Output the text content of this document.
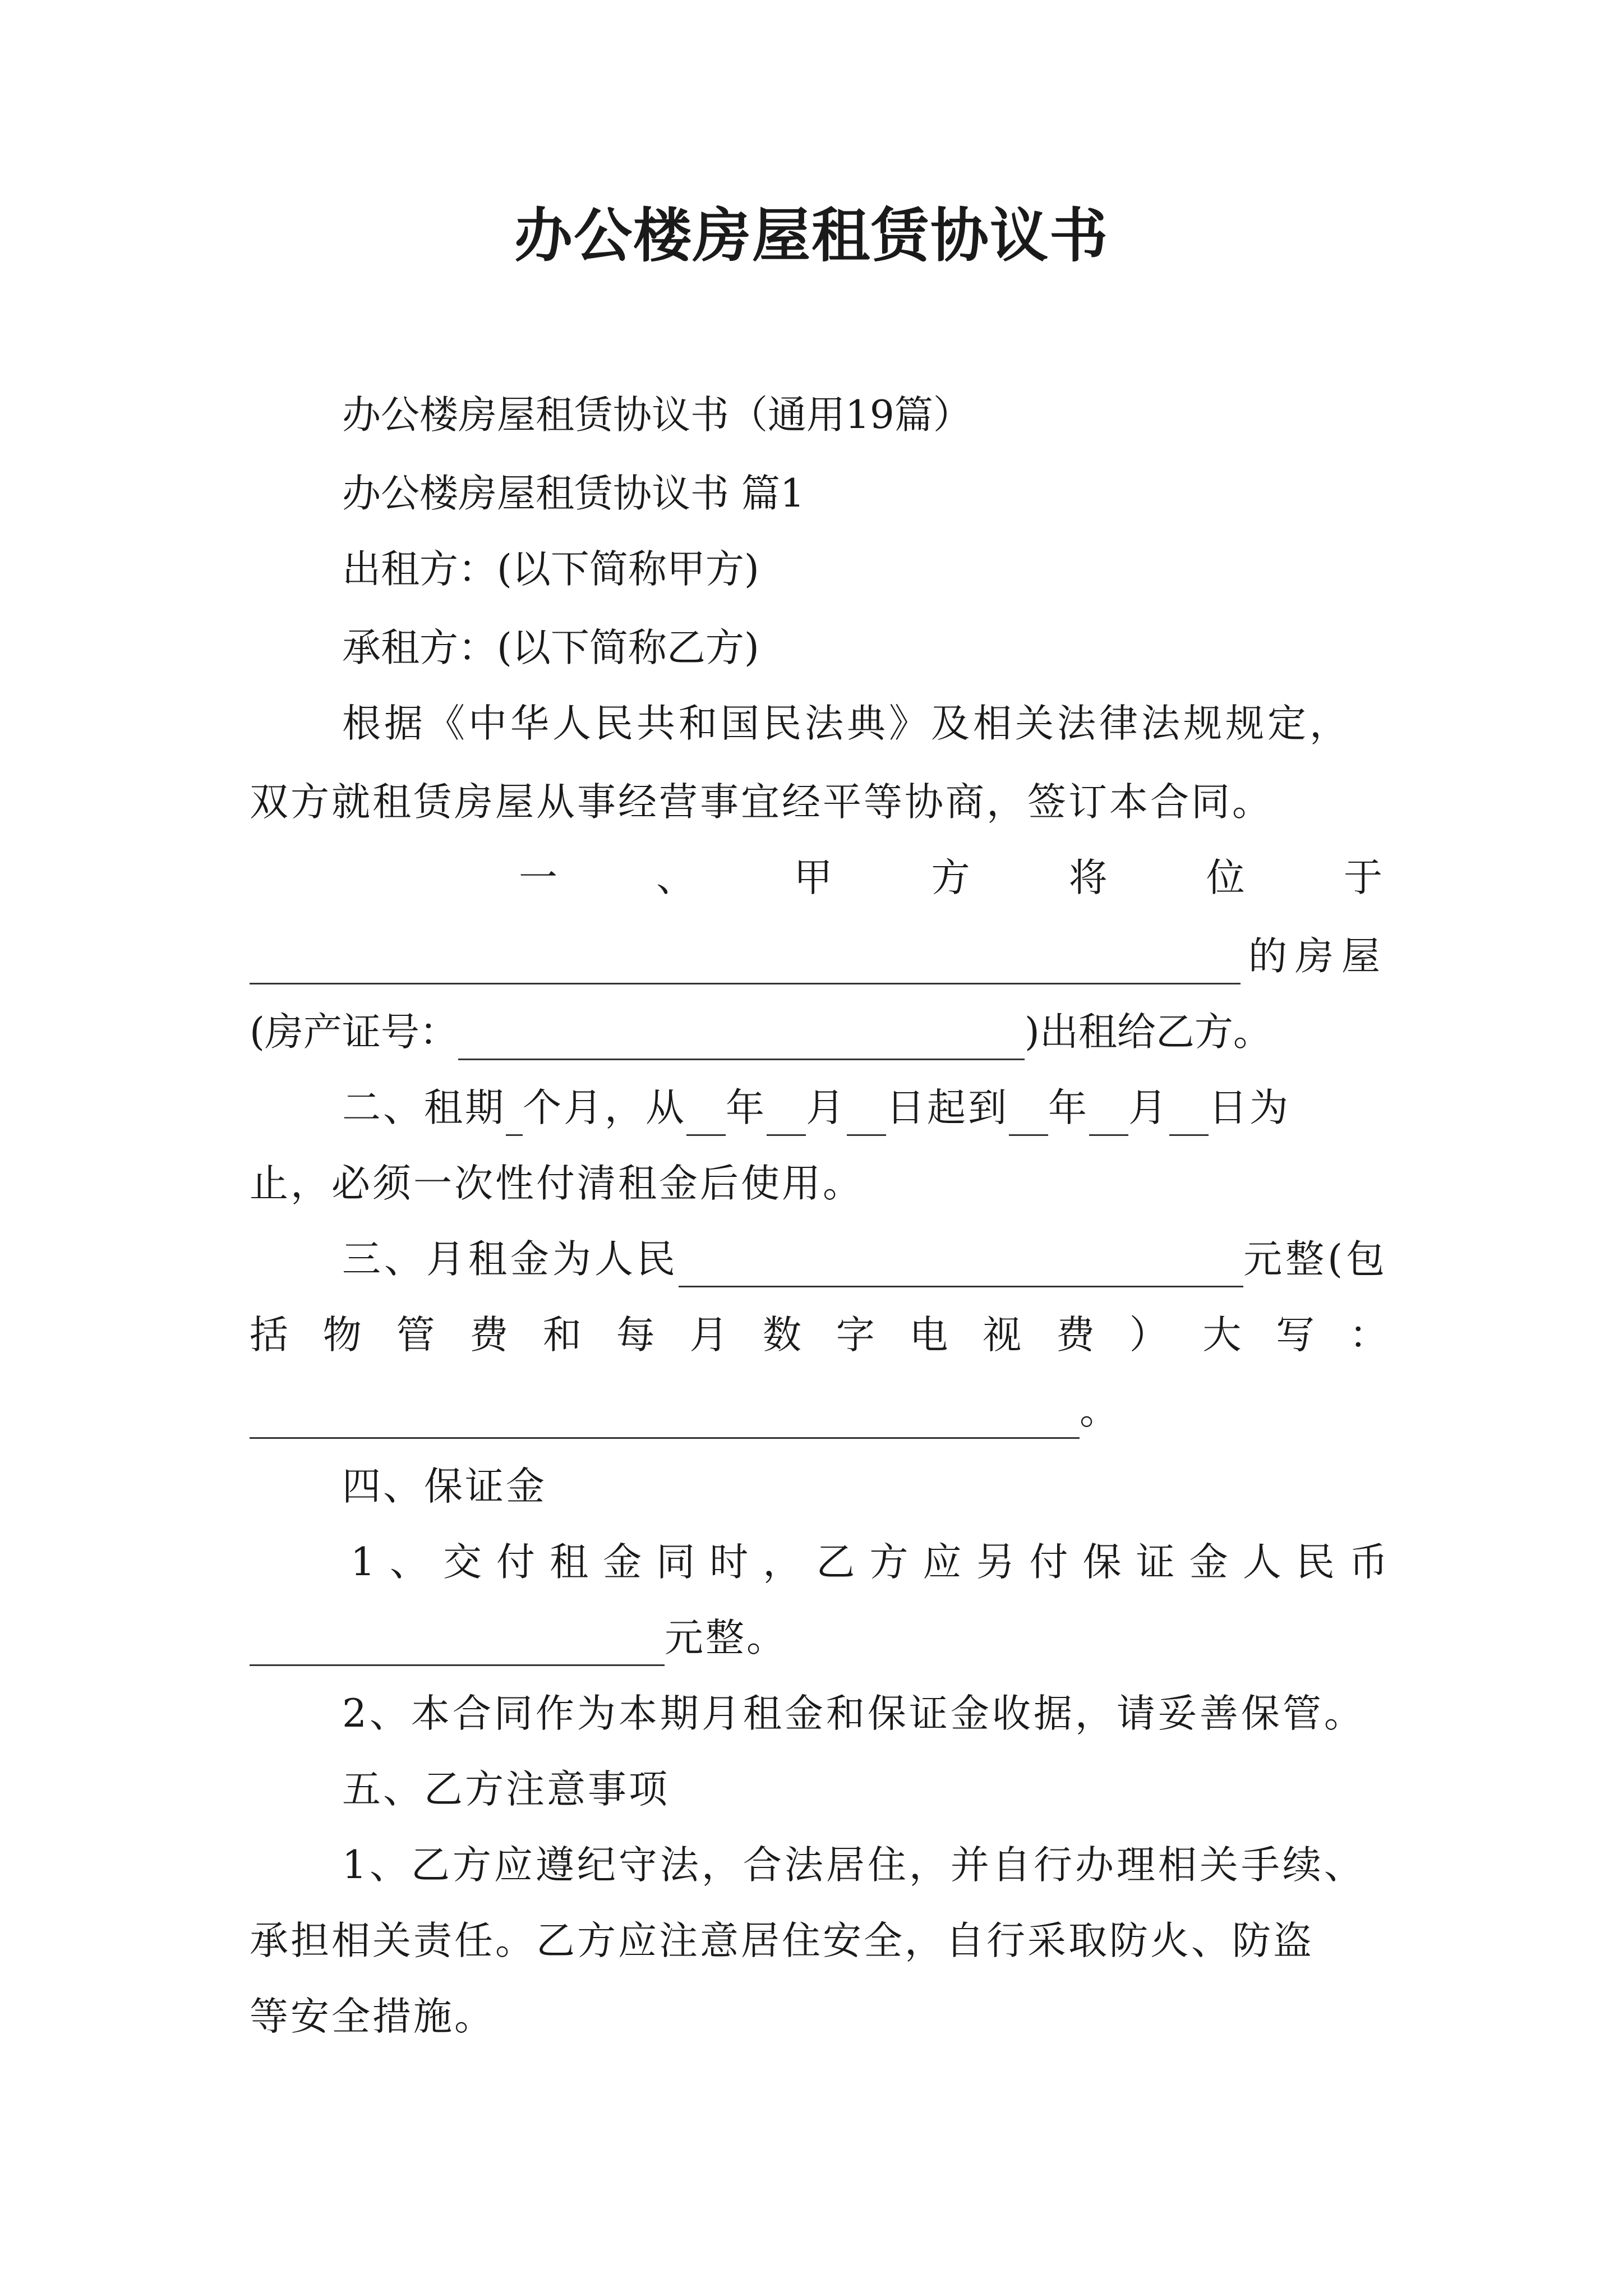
办公楼房屋租赁协议书
办公楼房屋租赁协议书（通用19篇）
办公楼房屋租赁协议书 篇1
出租方：(以下简称甲方)
承租方：(以下简称乙方)
根据《中华人民共和国民法典》及相关法律法规规定，
双方就租赁房屋从事经营事宜经平等协商，签订本合同。
一	、	甲	方	将	位	于
的房屋
(房产证号：	)出租给乙方。
二、租期 个月，从 年 月 日起到 年 月 日为
止，必须一次性付清租金后使用。
三、月租金为人民	元整(包
括 物 管 费 和 每 月 数 字 电 视 费 ） 大 写 ：
。
四、保证金
1 、 交 付 租 金 同 时 ， 乙 方 应 另 付 保 证 金 人 民 币
元整。
2、本合同作为本期月租金和保证金收据，请妥善保管。
五、乙方注意事项
1、乙方应遵纪守法，合法居住，并自行办理相关手续、
承担相关责任。乙方应注意居住安全，自行采取防火、防盗
等安全措施。
